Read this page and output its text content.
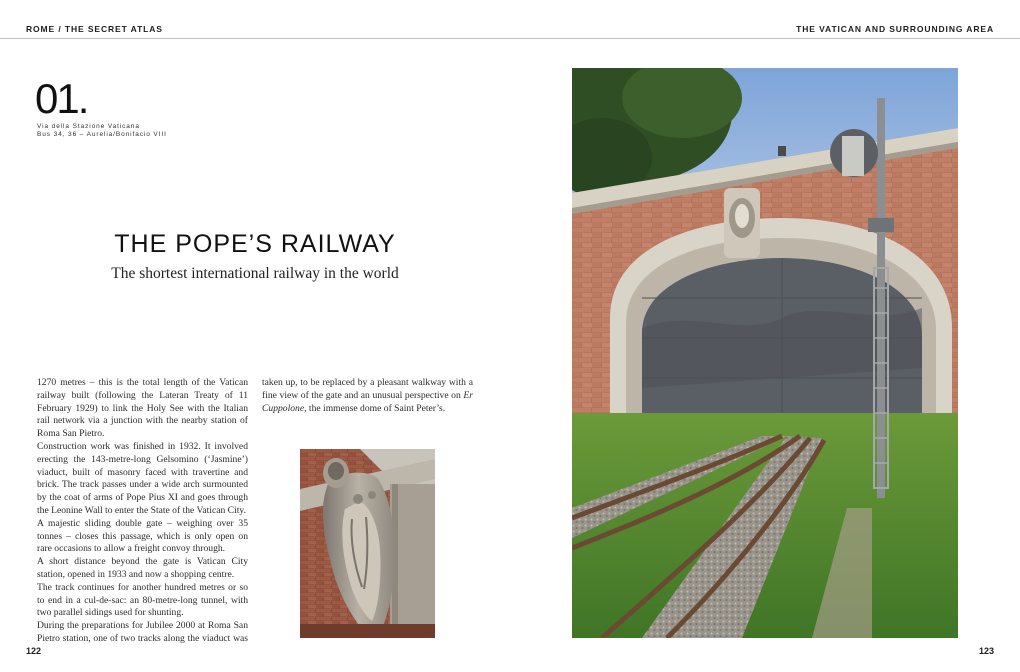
ROME / THE SECRET ATLAS	THE VATICAN AND SURROUNDING AREA
01.
Via della Stazione Vaticana
Bus 34, 36 – Aurelia/Bonifacio VIII
THE POPE’S RAILWAY
The shortest international railway in the world

1270 metres – this is the total length of the Vatican railway built (following the Lateran Treaty of 11 February 1929) to link the Holy See with the Italian rail network via a junction with the nearby station of Roma San Pietro.

Construction work was finished in 1932. It involved erecting the 143-metre-long Gelsomino (‘Jasmine’) viaduct, built of masonry faced with travertine and brick. The track passes under a wide arch surmounted by the coat of arms of Pope Pius XI and goes through the Leonine Wall to enter the State of the Vatican City.

A majestic sliding double gate – weighing over 35 tonnes – closes this passage, which is only open on rare occasions to allow a freight convoy through.

A short distance beyond the gate is Vatican City station, opened in 1933 and now a shopping centre.

The track continues for another hundred metres or so to end in a cul-de-sac: an 80-metre-long tunnel, with two parallel sidings used for shunting.

During the preparations for Jubilee 2000 at Roma San Pietro station, one of two tracks along the viaduct was

taken up, to be replaced by a pleasant walkway with a fine view of the gate and an unusual perspective on Er Cuppolone, the immense dome of Saint Peter’s.

122	123
